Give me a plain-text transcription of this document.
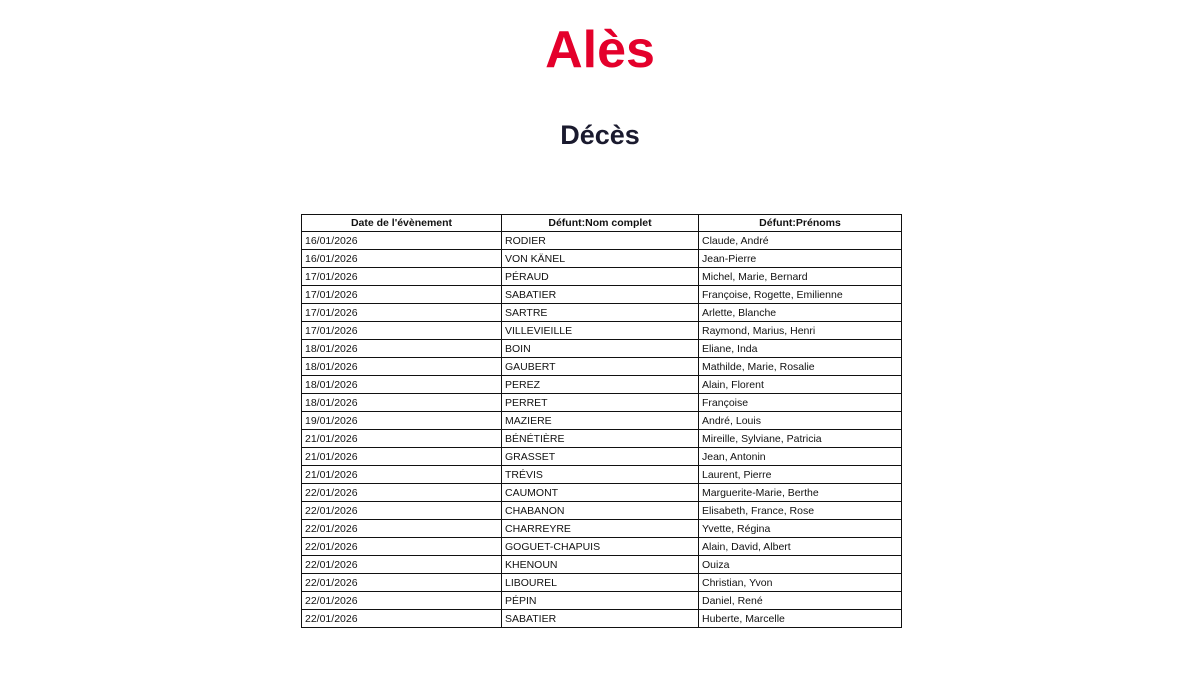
Alès
Décès
Date de l'évènement	Défunt:Nom complet	Défunt:Prénoms
16/01/2026	RODIER	Claude, André
16/01/2026	VON KÄNEL	Jean-Pierre
17/01/2026	PÉRAUD	Michel, Marie, Bernard
17/01/2026	SABATIER	Françoise, Rogette, Emilienne
17/01/2026	SARTRE	Arlette, Blanche
17/01/2026	VILLEVIEILLE	Raymond, Marius, Henri
18/01/2026	BOIN	Eliane, Inda
18/01/2026	GAUBERT	Mathilde, Marie, Rosalie
18/01/2026	PEREZ	Alain, Florent
18/01/2026	PERRET	Françoise
19/01/2026	MAZIERE	André, Louis
21/01/2026	BÉNÉTIÈRE	Mireille, Sylviane, Patricia
21/01/2026	GRASSET	Jean, Antonin
21/01/2026	TRÉVIS	Laurent, Pierre
22/01/2026	CAUMONT	Marguerite-Marie, Berthe
22/01/2026	CHABANON	Elisabeth, France, Rose
22/01/2026	CHARREYRE	Yvette, Régina
22/01/2026	GOGUET-CHAPUIS	Alain, David, Albert
22/01/2026	KHENOUN	Ouiza
22/01/2026	LIBOUREL	Christian, Yvon
22/01/2026	PÉPIN	Daniel, René
22/01/2026	SABATIER	Huberte, Marcelle
